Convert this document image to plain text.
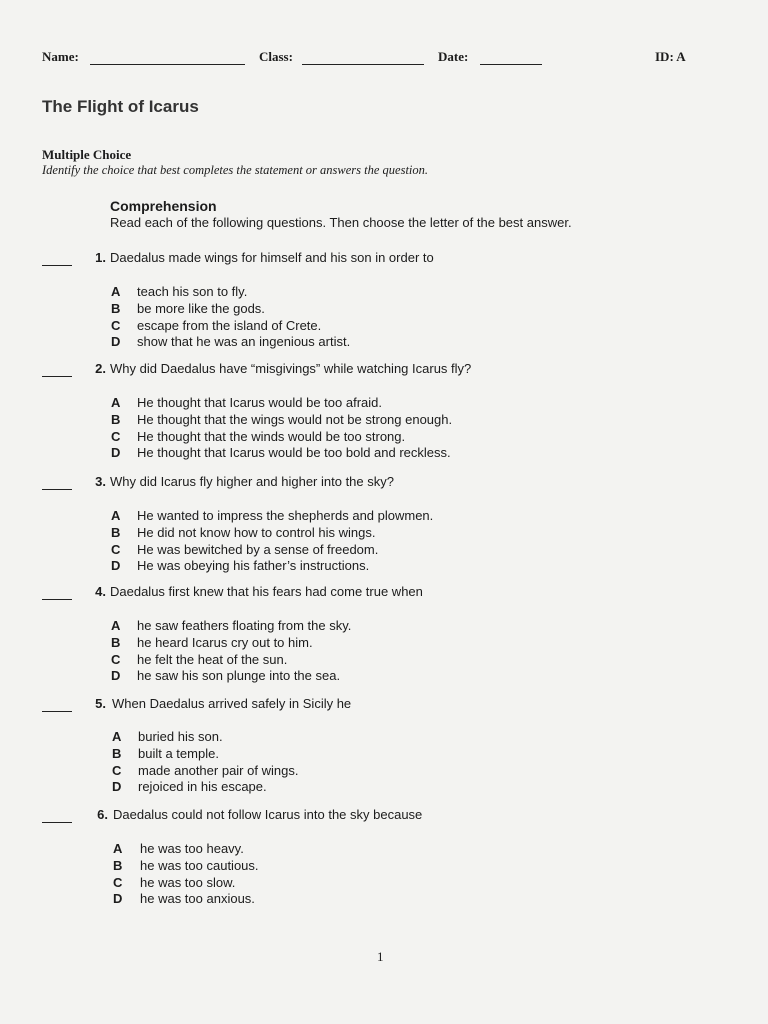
Name:	Class:	Date:	ID: A
The Flight of Icarus
Multiple Choice
Identify the choice that best completes the statement or answers the question.
Comprehension
Read each of the following questions. Then choose the letter of the best answer.
1. Daedalus made wings for himself and his son in order to
A teach his son to fly.
B be more like the gods.
C escape from the island of Crete.
D show that he was an ingenious artist.
2. Why did Daedalus have “misgivings” while watching Icarus fly?
A He thought that Icarus would be too afraid.
B He thought that the wings would not be strong enough.
C He thought that the winds would be too strong.
D He thought that Icarus would be too bold and reckless.
3. Why did Icarus fly higher and higher into the sky?
A He wanted to impress the shepherds and plowmen.
B He did not know how to control his wings.
C He was bewitched by a sense of freedom.
D He was obeying his father’s instructions.
4. Daedalus first knew that his fears had come true when
A he saw feathers floating from the sky.
B he heard Icarus cry out to him.
C he felt the heat of the sun.
D he saw his son plunge into the sea.
5. When Daedalus arrived safely in Sicily he
A buried his son.
B built a temple.
C made another pair of wings.
D rejoiced in his escape.
6. Daedalus could not follow Icarus into the sky because
A he was too heavy.
B he was too cautious.
C he was too slow.
D he was too anxious.
1
